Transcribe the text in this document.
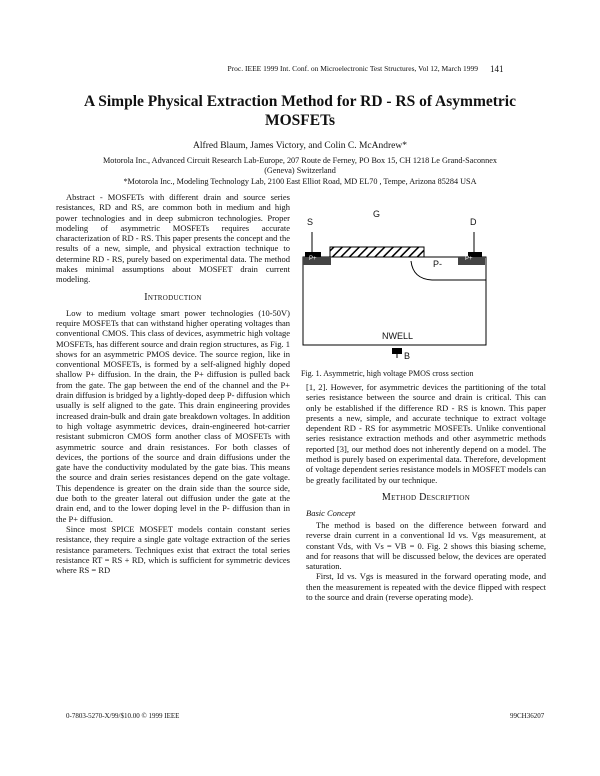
Proc. IEEE 1999 Int. Conf. on Microelectronic Test Structures, Vol 12, March 1999 141
A Simple Physical Extraction Method for RD - RS of Asymmetric MOSFETs
Alfred Blaum, James Victory, and Colin C. McAndrew*
Motorola Inc., Advanced Circuit Research Lab-Europe, 207 Route de Ferney, PO Box 15, CH 1218 Le Grand-Saconnex
(Geneva) Switzerland
*Motorola Inc., Modeling Technology Lab, 2100 East Elliot Road, MD EL70 , Tempe, Arizona 85284 USA

Abstract - MOSFETs with different drain and source series resistances, RD and RS, are common both in medium and high power technologies and in deep submicron technologies. Proper modeling of asymmetric MOSFETs requires accurate characterization of RD - RS. This paper presents the concept and the results of a new, simple, and physical extraction technique to determine RD - RS, purely based on experimental data. The method makes minimal assumptions about MOSFET drain current modeling.

Introduction

Low to medium voltage smart power technologies (10-50V) require MOSFETs that can withstand higher operating voltages than conventional CMOS. This class of devices, asymmetric high voltage MOSFETs, has different source and drain region structures, as Fig. 1 shows for an asymmetric PMOS device. The source region, like in conventional MOSFETs, is formed by a self-aligned highly doped shallow P+ diffusion. In the drain, the P+ diffusion is pulled back from the gate. The gap between the end of the channel and the P+ drain diffusion is bridged by a lightly-doped deep P- diffusion which usually is self aligned to the gate. This drain engineering provides increased drain-bulk and drain gate breakdown voltages. In addition to high voltage asymmetric devices, drain-engineered hot-carrier resistant submicron CMOS form another class of MOSFETs with asymmetric source and drain resistances. For both classes of devices, the portions of the source and drain diffusions under the gate have the conductivity modulated by the gate bias. This means the source and drain series resistances depend on the gate voltage. This dependence is greater on the drain side than the source side, due both to the greater lateral out diffusion under the gate at the drain end, and to the lower doping level in the P- diffusion than in the P+ diffusion.

Since most SPICE MOSFET models contain constant series resistance, they require a single gate voltage extraction of the series resistance parameters. Techniques exist that extract the total series resistance RT = RS + RD, which is sufficient for symmetric devices where RS = RD

0-7803-5270-X/99/$10.00 © 1999 IEEE	99CH36207
S
G
D
P-
P+	P+
NWELL
B
Fig. 1. Asymmetric, high voltage PMOS cross section

[1, 2]. However, for asymmetric devices the partitioning of the total series resistance between the source and drain is critical. This can only be established if the difference RD - RS is known. This paper presents a new, simple, and accurate technique to extract voltage dependent RD - RS for asymmetric MOSFETs. Unlike conventional series resistance extraction methods and other asymmetric methods reported [3], our method does not inherently depend on a model. The method is purely based on experimental data. Therefore, development of voltage dependent series resistance models in MOSFET models can be greatly facilitated by our technique.

Method Description
Basic Concept

The method is based on the difference between forward and reverse drain current in a conventional Id vs. Vgs measurement, at constant Vds, with Vs = VB = 0. Fig. 2 shows this biasing scheme, and for reasons that will be discussed below, the devices are operated saturation.

First, Id vs. Vgs is measured in the forward operating mode, and then the measurement is repeated with the device flipped with respect to the source and drain (reverse operating mode).
